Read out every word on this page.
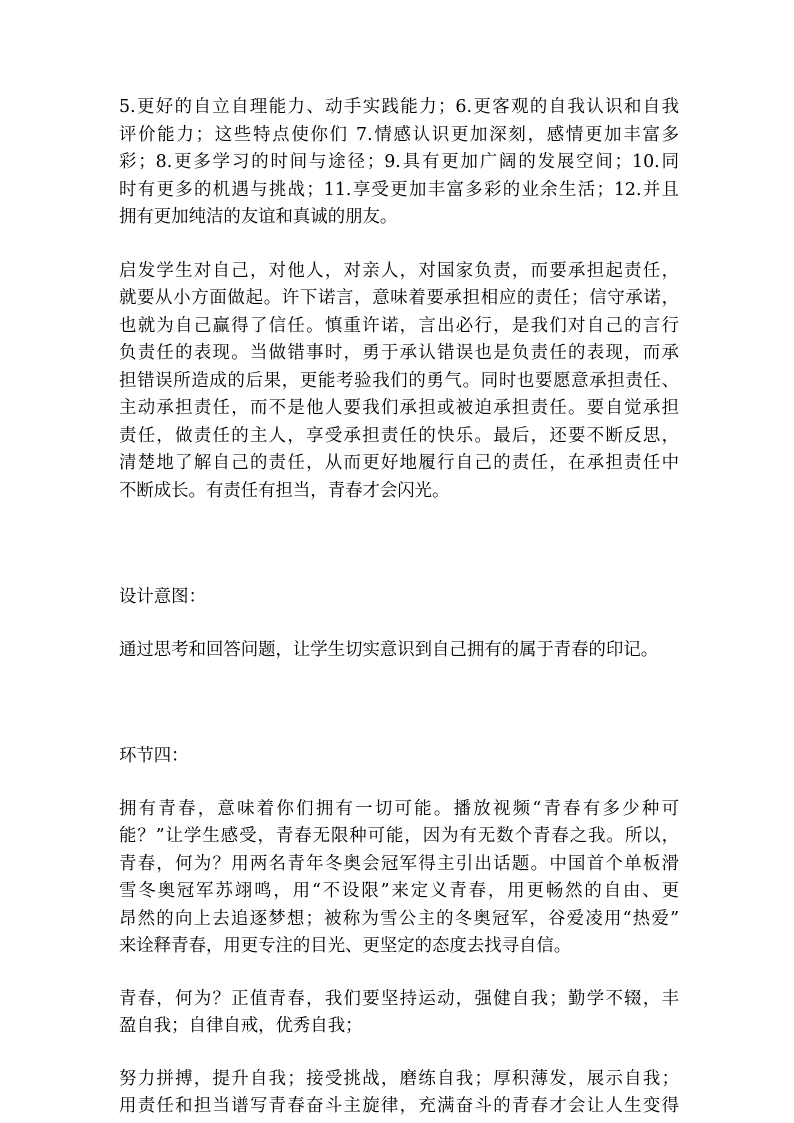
5.更好的自立自理能力、动手实践能力；6.更客观的自我认识和自我
评价能力；这些特点使你们 7.情感认识更加深刻，感情更加丰富多
彩；8.更多学习的时间与途径；9.具有更加广阔的发展空间；10.同
时有更多的机遇与挑战；11.享受更加丰富多彩的业余生活；12.并且
拥有更加纯洁的友谊和真诚的朋友。
启发学生对自己，对他人，对亲人，对国家负责，而要承担起责任，
就要从小方面做起。许下诺言，意味着要承担相应的责任；信守承诺，
也就为自己赢得了信任。慎重许诺，言出必行，是我们对自己的言行
负责任的表现。当做错事时，勇于承认错误也是负责任的表现，而承
担错误所造成的后果，更能考验我们的勇气。同时也要愿意承担责任、
主动承担责任，而不是他人要我们承担或被迫承担责任。要自觉承担
责任，做责任的主人，享受承担责任的快乐。最后，还要不断反思，
清楚地了解自己的责任，从而更好地履行自己的责任，在承担责任中
不断成长。有责任有担当，青春才会闪光。
设计意图：
通过思考和回答问题，让学生切实意识到自己拥有的属于青春的印记。
环节四：
拥有青春，意味着你们拥有一切可能。播放视频“青春有多少种可
能？”让学生感受，青春无限种可能，因为有无数个青春之我。所以，
青春，何为？用两名青年冬奥会冠军得主引出话题。中国首个单板滑
雪冬奥冠军苏翊鸣，用“不设限”来定义青春，用更畅然的自由、更
昂然的向上去追逐梦想；被称为雪公主的冬奥冠军，谷爱凌用“热爱”
来诠释青春，用更专注的目光、更坚定的态度去找寻自信。
青春，何为？正值青春，我们要坚持运动，强健自我；勤学不辍，丰
盈自我；自律自戒，优秀自我；
努力拼搏，提升自我；接受挑战，磨练自我；厚积薄发，展示自我；
用责任和担当谱写青春奋斗主旋律，充满奋斗的青春才会让人生变得
